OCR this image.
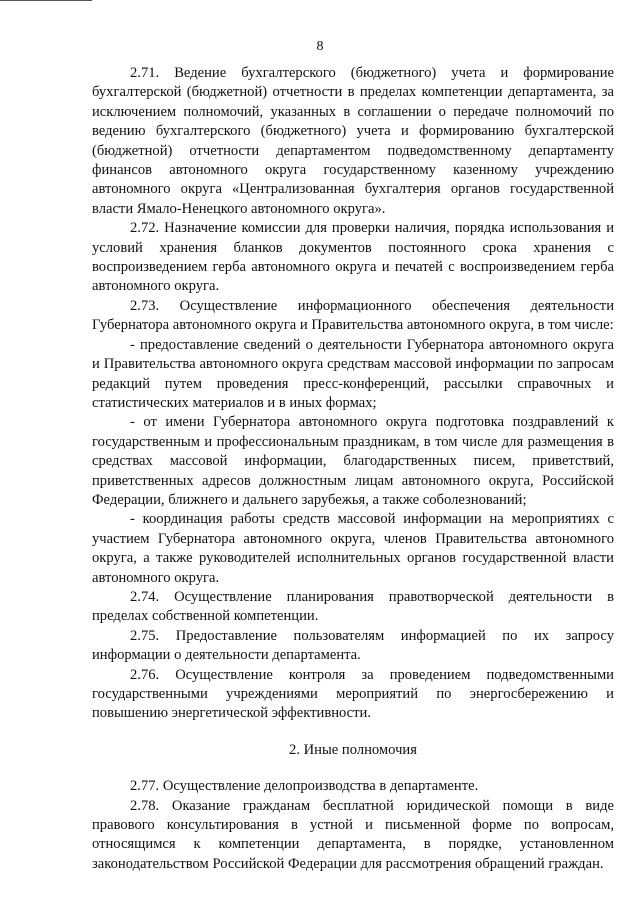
8

2.71. Ведение бухгалтерского (бюджетного) учета и формирование бухгалтерской (бюджетной) отчетности в пределах компетенции департамента, за исключением полномочий, указанных в соглашении о передаче полномочий по ведению бухгалтерского (бюджетного) учета и формированию бухгалтерской (бюджетной) отчетности департаментом подведомственному департаменту финансов автономного округа государственному казенному учреждению автономного округа «Централизованная бухгалтерия органов государственной власти Ямало-Ненецкого автономного округа».

2.72. Назначение комиссии для проверки наличия, порядка использования и условий хранения бланков документов постоянного срока хранения с воспроизведением герба автономного округа и печатей с воспроизведением герба автономного округа.

2.73. Осуществление информационного обеспечения деятельности Губернатора автономного округа и Правительства автономного округа, в том числе:

- предоставление сведений о деятельности Губернатора автономного округа и Правительства автономного округа средствам массовой информации по запросам редакций путем проведения пресс-конференций, рассылки справочных и статистических материалов и в иных формах;

- от имени Губернатора автономного округа подготовка поздравлений к государственным и профессиональным праздникам, в том числе для размещения в средствах массовой информации, благодарственных писем, приветствий, приветственных адресов должностным лицам автономного округа, Российской Федерации, ближнего и дальнего зарубежья, а также соболезнований;

- координация работы средств массовой информации на мероприятиях с участием Губернатора автономного округа, членов Правительства автономного округа, а также руководителей исполнительных органов государственной власти автономного округа.

2.74. Осуществление планирования правотворческой деятельности в пределах собственной компетенции.

2.75. Предоставление пользователям информацией по их запросу информации о деятельности департамента.

2.76. Осуществление контроля за проведением подведомственными государственными учреждениями мероприятий по энергосбережению и повышению энергетической эффективности.

2. Иные полномочия

2.77. Осуществление делопроизводства в департаменте.

2.78. Оказание гражданам бесплатной юридической помощи в виде правового консультирования в устной и письменной форме по вопросам, относящимся к компетенции департамента, в порядке, установленном законодательством Российской Федерации для рассмотрения обращений граждан.
